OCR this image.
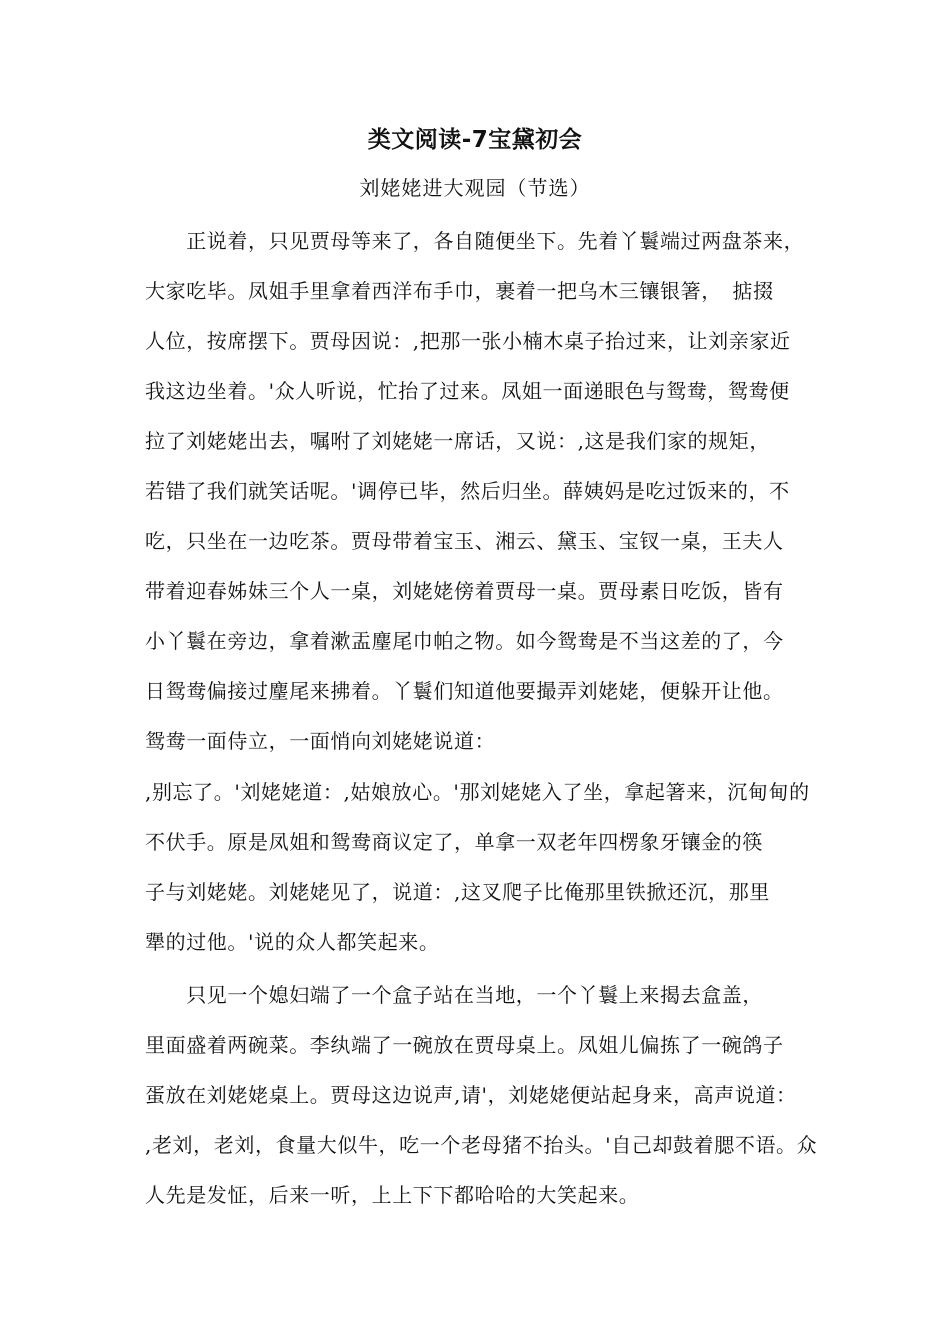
类文阅读-7宝黛初会
刘姥姥进大观园（节选）
　　正说着，只见贾母等来了，各自随便坐下。先着丫鬟端过两盘茶来，
大家吃毕。凤姐手里拿着西洋布手巾，裹着一把乌木三镶银箸，　掂掇
人位，按席摆下。贾母因说：,把那一张小楠木桌子抬过来，让刘亲家近
我这边坐着。'众人听说，忙抬了过来。凤姐一面递眼色与鸳鸯，鸳鸯便
拉了刘姥姥出去，嘱咐了刘姥姥一席话，又说：,这是我们家的规矩，
若错了我们就笑话呢。'调停已毕，然后归坐。薛姨妈是吃过饭来的，不
吃，只坐在一边吃茶。贾母带着宝玉、湘云、黛玉、宝钗一桌，王夫人
带着迎春姊妹三个人一桌，刘姥姥傍着贾母一桌。贾母素日吃饭，皆有
小丫鬟在旁边，拿着漱盂麈尾巾帕之物。如今鸳鸯是不当这差的了，今
日鸳鸯偏接过麈尾来拂着。丫鬟们知道他要撮弄刘姥姥，便躲开让他。
鸳鸯一面侍立，一面悄向刘姥姥说道：
,别忘了。'刘姥姥道：,姑娘放心。'那刘姥姥入了坐，拿起箸来，沉甸甸的
不伏手。原是凤姐和鸳鸯商议定了，单拿一双老年四楞象牙镶金的筷
子与刘姥姥。刘姥姥见了，说道：,这叉爬子比俺那里铁掀还沉，那里
犟的过他。'说的众人都笑起来。
　　只见一个媳妇端了一个盒子站在当地，一个丫鬟上来揭去盒盖，
里面盛着两碗菜。李纨端了一碗放在贾母桌上。凤姐儿偏拣了一碗鸽子
蛋放在刘姥姥桌上。贾母这边说声,请'，刘姥姥便站起身来，高声说道：
,老刘，老刘，食量大似牛，吃一个老母猪不抬头。'自己却鼓着腮不语。众
人先是发怔，后来一听，上上下下都哈哈的大笑起来。
